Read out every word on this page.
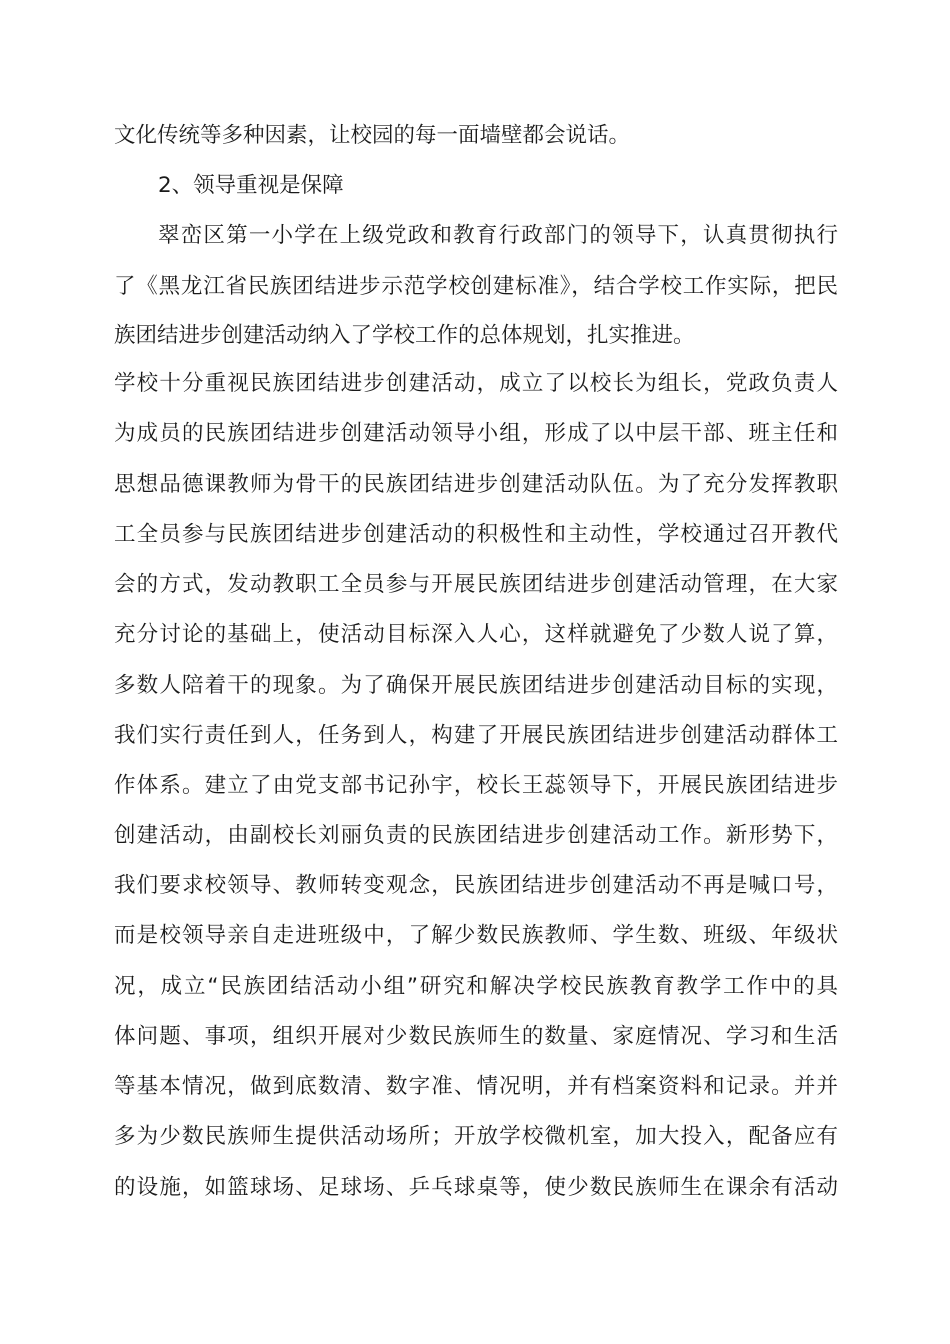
文化传统等多种因素，让校园的每一面墙壁都会说话。
2、领导重视是保障
翠峦区第一小学在上级党政和教育行政部门的领导下，认真贯彻执行
了《黑龙江省民族团结进步示范学校创建标准》，结合学校工作实际，把民
族团结进步创建活动纳入了学校工作的总体规划，扎实推进。
学校十分重视民族团结进步创建活动，成立了以校长为组长，党政负责人
为成员的民族团结进步创建活动领导小组，形成了以中层干部、班主任和
思想品德课教师为骨干的民族团结进步创建活动队伍。为了充分发挥教职
工全员参与民族团结进步创建活动的积极性和主动性，学校通过召开教代
会的方式，发动教职工全员参与开展民族团结进步创建活动管理，在大家
充分讨论的基础上，使活动目标深入人心，这样就避免了少数人说了算，
多数人陪着干的现象。为了确保开展民族团结进步创建活动目标的实现，
我们实行责任到人，任务到人，构建了开展民族团结进步创建活动群体工
作体系。建立了由党支部书记孙宇，校长王蕊领导下，开展民族团结进步
创建活动，由副校长刘丽负责的民族团结进步创建活动工作。新形势下，
我们要求校领导、教师转变观念，民族团结进步创建活动不再是喊口号，
而是校领导亲自走进班级中，了解少数民族教师、学生数、班级、年级状
况，成立“民族团结活动小组”研究和解决学校民族教育教学工作中的具
体问题、事项，组织开展对少数民族师生的数量、家庭情况、学习和生活
等基本情况，做到底数清、数字准、情况明，并有档案资料和记录。并并
多为少数民族师生提供活动场所；开放学校微机室，加大投入，配备应有
的设施，如篮球场、足球场、乒乓球桌等，使少数民族师生在课余有活动
